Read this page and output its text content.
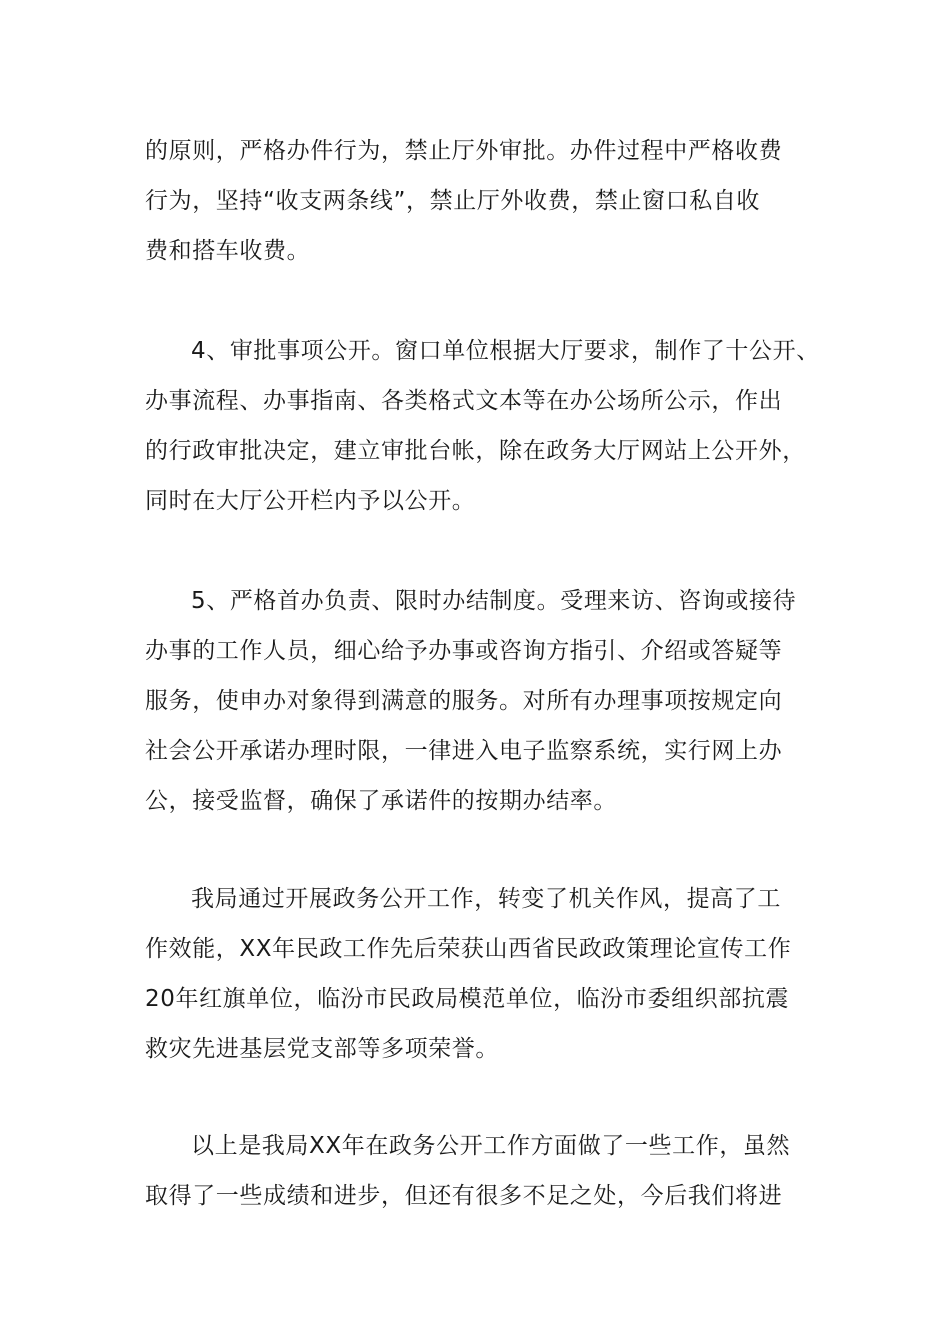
的原则，严格办件行为，禁止厅外审批。办件过程中严格收费
行为，坚持“收支两条线”，禁止厅外收费，禁止窗口私自收
费和搭车收费。
4、审批事项公开。窗口单位根据大厅要求，制作了十公开、
办事流程、办事指南、各类格式文本等在办公场所公示，作出
的行政审批决定，建立审批台帐，除在政务大厅网站上公开外，
同时在大厅公开栏内予以公开。
5、严格首办负责、限时办结制度。受理来访、咨询或接待
办事的工作人员，细心给予办事或咨询方指引、介绍或答疑等
服务，使申办对象得到满意的服务。对所有办理事项按规定向
社会公开承诺办理时限，一律进入电子监察系统，实行网上办
公，接受监督，确保了承诺件的按期办结率。
我局通过开展政务公开工作，转变了机关作风，提高了工
作效能，XX年民政工作先后荣获山西省民政政策理论宣传工作
20年红旗单位，临汾市民政局模范单位，临汾市委组织部抗震
救灾先进基层党支部等多项荣誉。
以上是我局XX年在政务公开工作方面做了一些工作，虽然
取得了一些成绩和进步，但还有很多不足之处，今后我们将进
